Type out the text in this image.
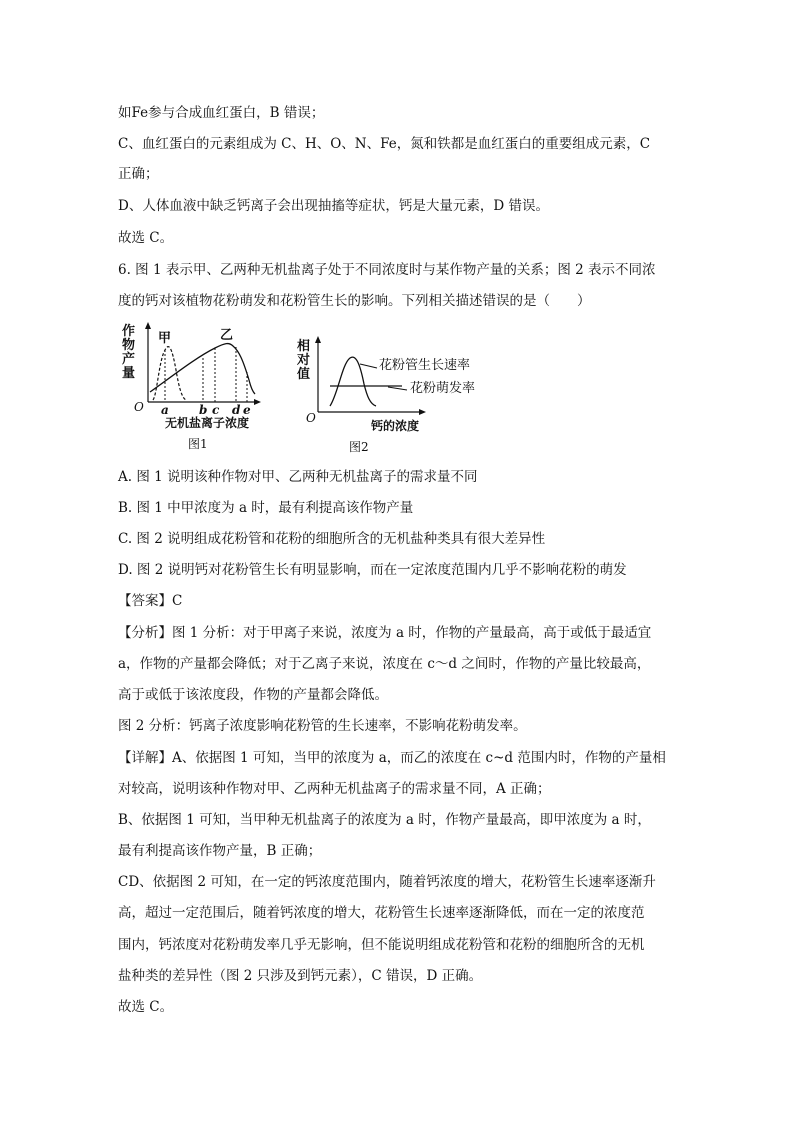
如Fe参与合成血红蛋白，B 错误；
C、血红蛋白的元素组成为 C、H、O、N、Fe，氮和铁都是血红蛋白的重要组成元素，C
正确；
D、人体血液中缺乏钙离子会出现抽搐等症状，钙是大量元素，D 错误。
故选 C。
6. 图 1 表示甲、乙两种无机盐离子处于不同浓度时与某作物产量的关系；图 2 表示不同浓
度的钙对该植物花粉萌发和花粉管生长的影响。下列相关描述错误的是（　　）
作
物
产
量
O
甲	乙
a	b c d e
无机盐离子浓度
图1
相
对
值
O
花粉管生长速率
花粉萌发率
钙的浓度
图2
A. 图 1 说明该种作物对甲、乙两种无机盐离子的需求量不同
B. 图 1 中甲浓度为 a 时，最有利提高该作物产量
C. 图 2 说明组成花粉管和花粉的细胞所含的无机盐种类具有很大差异性
D. 图 2 说明钙对花粉管生长有明显影响，而在一定浓度范围内几乎不影响花粉的萌发
【答案】C
【分析】图 1 分析：对于甲离子来说，浓度为 a 时，作物的产量最高，高于或低于最适宜
a，作物的产量都会降低；对于乙离子来说，浓度在 c～d 之间时，作物的产量比较最高，
高于或低于该浓度段，作物的产量都会降低。
图 2 分析：钙离子浓度影响花粉管的生长速率，不影响花粉萌发率。
【详解】A、依据图 1 可知，当甲的浓度为 a，而乙的浓度在 c~d 范围内时，作物的产量相
对较高，说明该种作物对甲、乙两种无机盐离子的需求量不同，A 正确；
B、依据图 1 可知，当甲种无机盐离子的浓度为 a 时，作物产量最高，即甲浓度为 a 时，
最有利提高该作物产量，B 正确；
CD、依据图 2 可知，在一定的钙浓度范围内，随着钙浓度的增大，花粉管生长速率逐渐升
高，超过一定范围后，随着钙浓度的增大，花粉管生长速率逐渐降低，而在一定的浓度范
围内，钙浓度对花粉萌发率几乎无影响，但不能说明组成花粉管和花粉的细胞所含的无机
盐种类的差异性（图 2 只涉及到钙元素），C 错误，D 正确。
故选 C。
